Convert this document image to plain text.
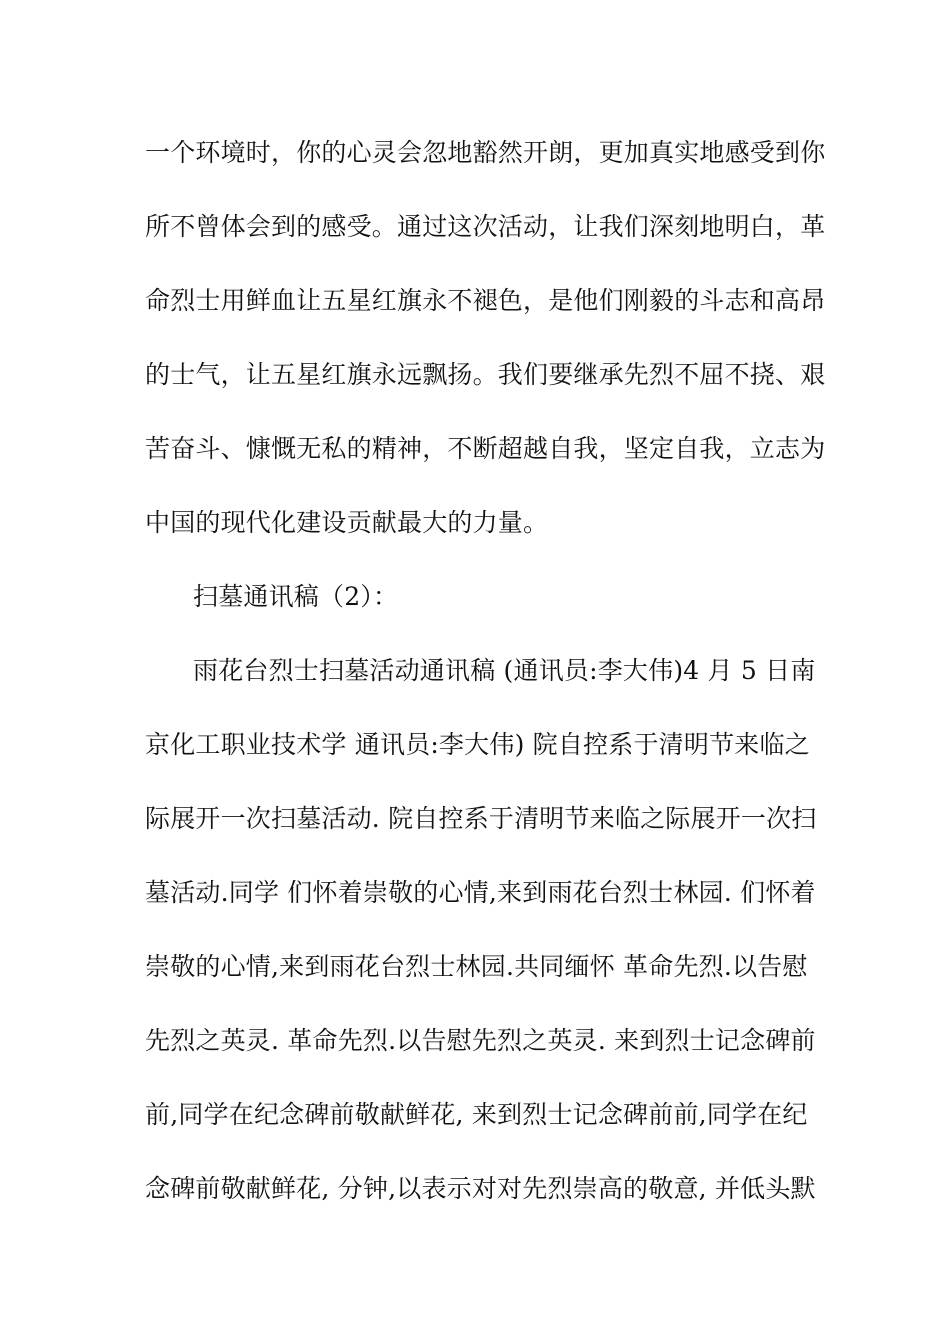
一个环境时，你的心灵会忽地豁然开朗，更加真实地感受到你
所不曾体会到的感受。通过这次活动，让我们深刻地明白，革
命烈士用鲜血让五星红旗永不褪色，是他们刚毅的斗志和高昂
的士气，让五星红旗永远飘扬。我们要继承先烈不屈不挠、艰
苦奋斗、慷慨无私的精神，不断超越自我，坚定自我，立志为
中国的现代化建设贡献最大的力量。
扫墓通讯稿（2）：
雨花台烈士扫墓活动通讯稿 (通讯员:李大伟)4 月 5 日南
京化工职业技术学 通讯员:李大伟) 院自控系于清明节来临之
际展开一次扫墓活动. 院自控系于清明节来临之际展开一次扫
墓活动.同学 们怀着崇敬的心情,来到雨花台烈士林园. 们怀着
崇敬的心情,来到雨花台烈士林园.共同缅怀 革命先烈.以告慰
先烈之英灵. 革命先烈.以告慰先烈之英灵. 来到烈士记念碑前
前,同学在纪念碑前敬献鲜花, 来到烈士记念碑前前,同学在纪
念碑前敬献鲜花, 分钟,以表示对对先烈崇高的敬意, 并低头默
